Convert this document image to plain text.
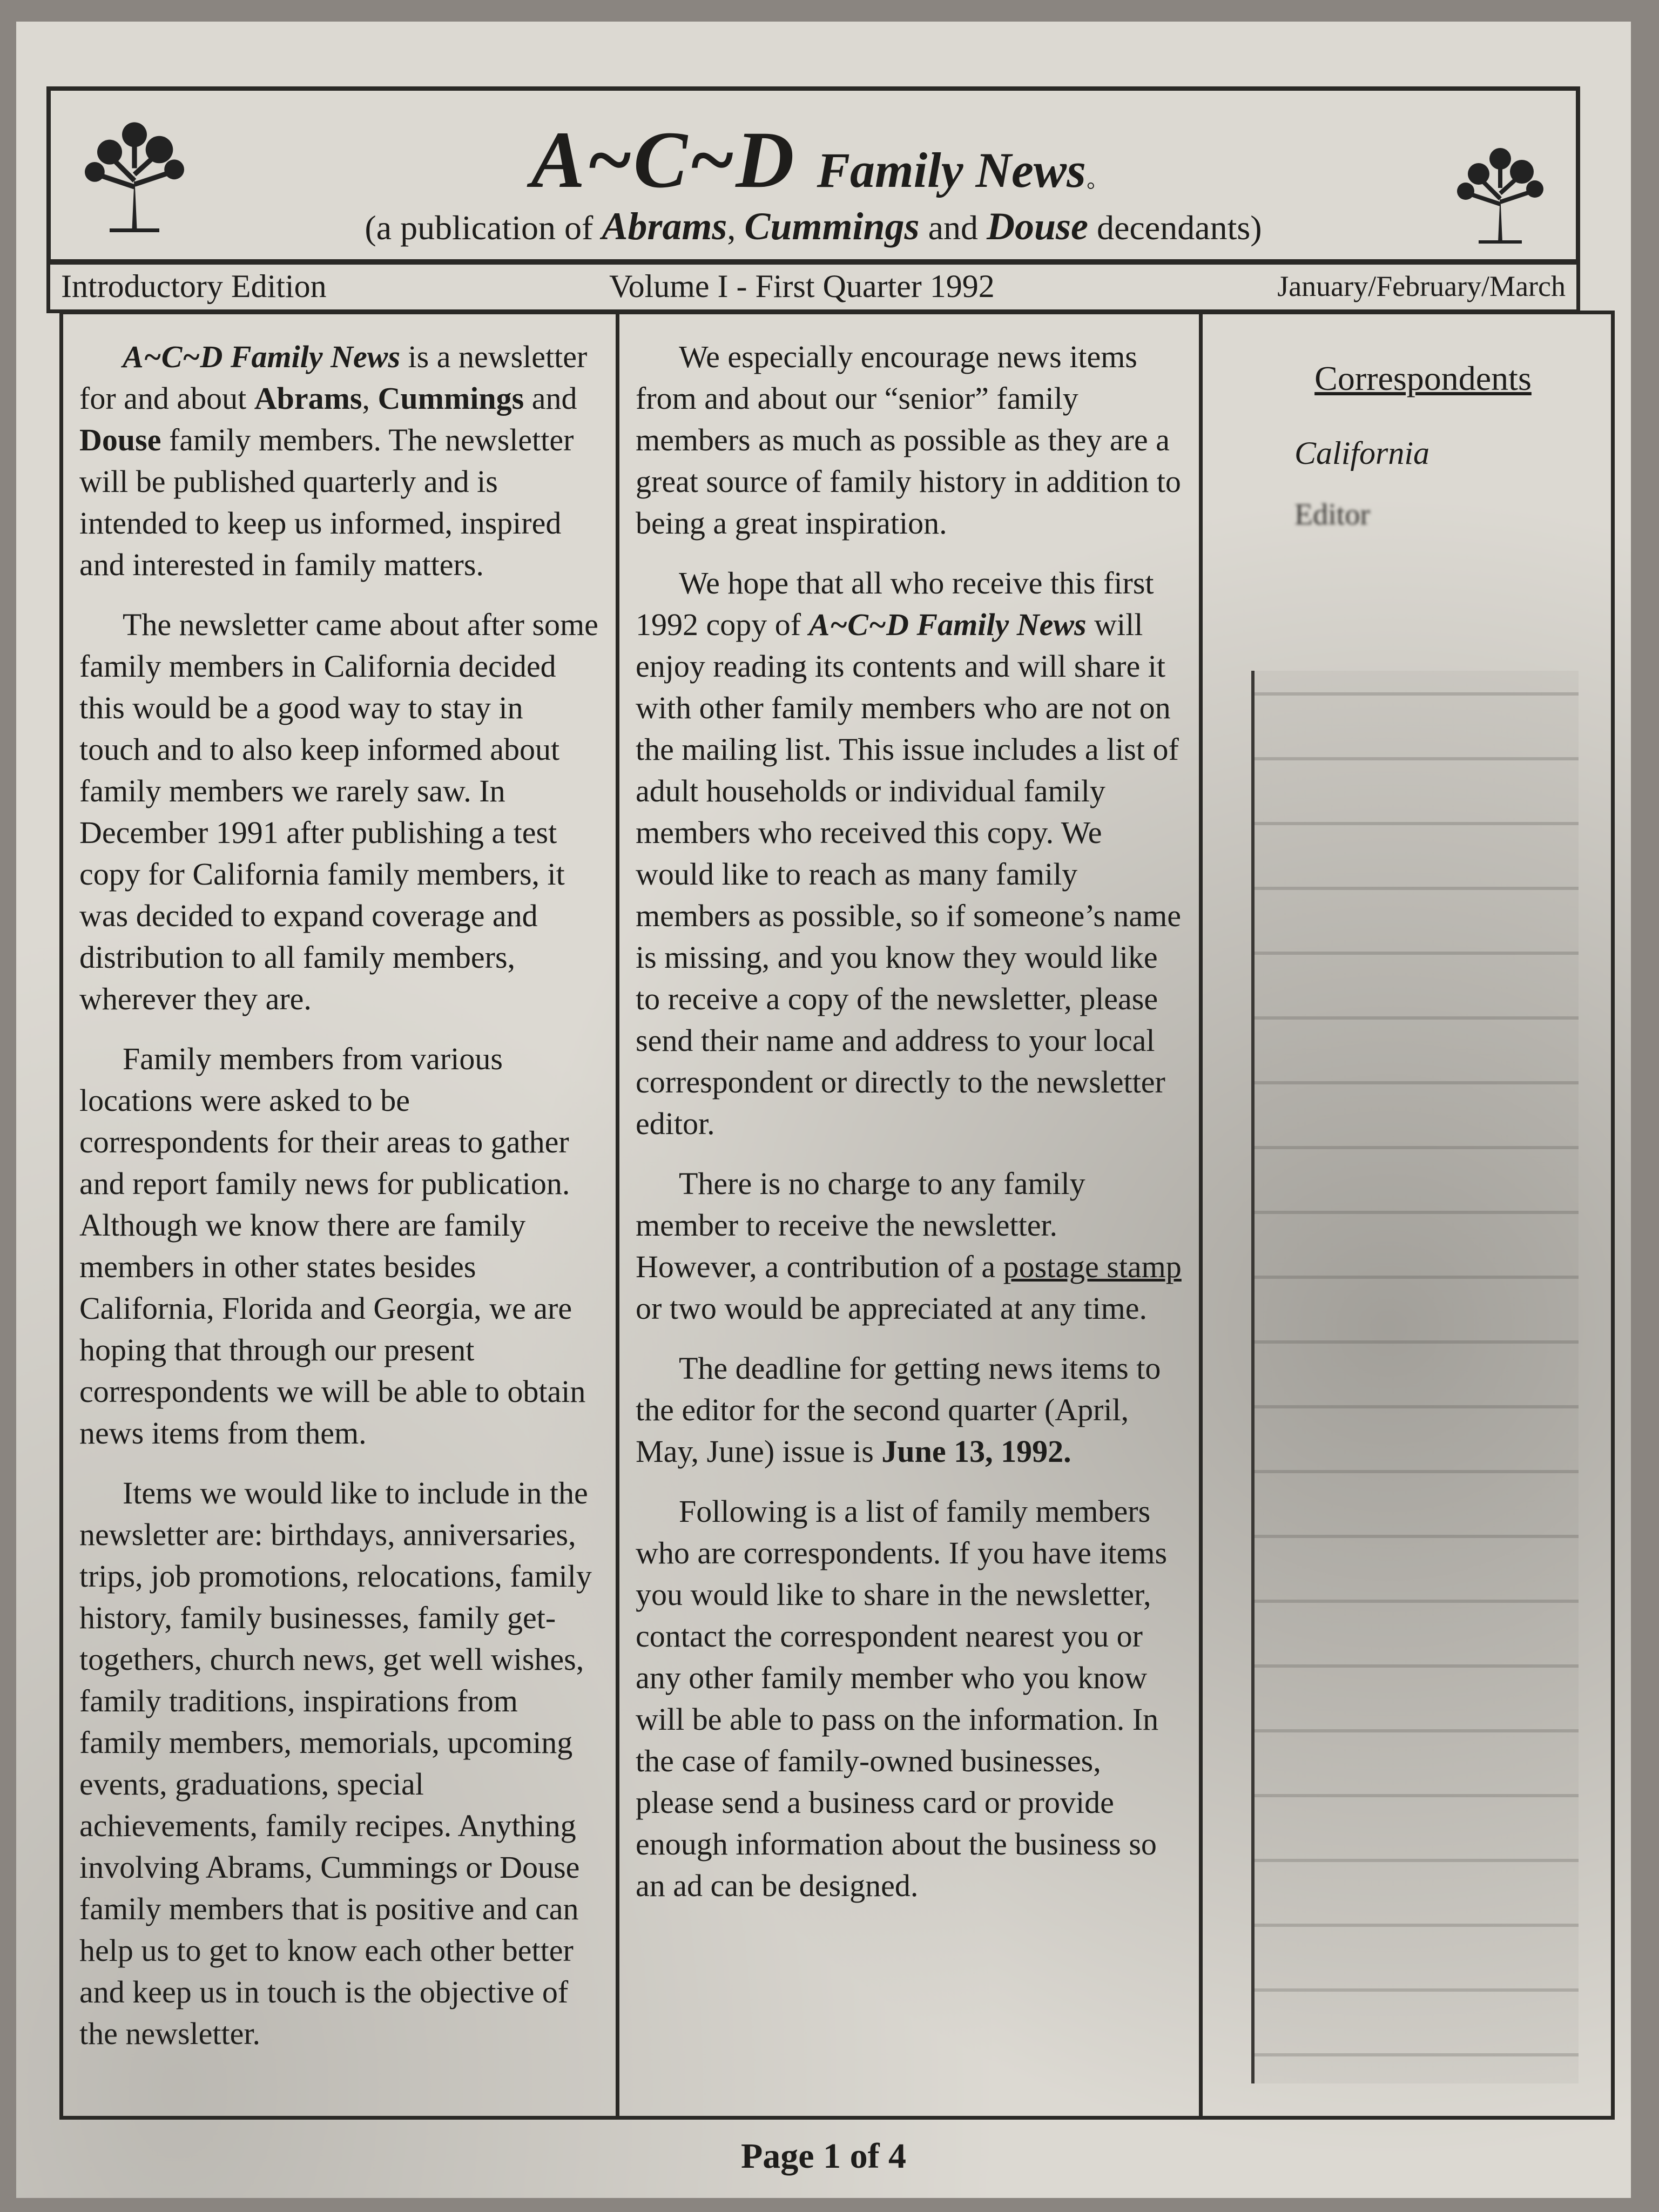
A~C~D Family News◦
(a publication of Abrams, Cummings and Douse decendants)
Introductory Edition	Volume I - First Quarter 1992	January/February/March

A~C~D Family News is a newsletter for and about Abrams, Cummings and Douse family members. The newsletter will be published quarterly and is intended to keep us informed, inspired and interested in family matters.

The newsletter came about after some family members in California decided this would be a good way to stay in touch and to also keep informed about family members we rarely saw. In December 1991 after publishing a test copy for California family members, it was decided to expand coverage and distribution to all family members, wherever they are.

Family members from various locations were asked to be correspondents for their areas to gather and report family news for publication. Although we know there are family members in other states besides California, Florida and Georgia, we are hoping that through our present correspondents we will be able to obtain news items from them.

Items we would like to include in the newsletter are: birthdays, anniversaries, trips, job promotions, relocations, family history, family businesses, family get-togethers, church news, get well wishes, family traditions, inspirations from family members, memorials, upcoming events, graduations, special achievements, family recipes. Anything involving Abrams, Cummings or Douse family members that is positive and can help us to get to know each other better and keep us in touch is the objective of the newsletter.

We especially encourage news items from and about our “senior” family members as much as possible as they are a great source of family history in addition to being a great inspiration.

We hope that all who receive this first 1992 copy of A~C~D Family News will enjoy reading its contents and will share it with other family members who are not on the mailing list. This issue includes a list of adult households or individual family members who received this copy. We would like to reach as many family members as possible, so if someone’s name is missing, and you know they would like to receive a copy of the newsletter, please send their name and address to your local correspondent or directly to the newsletter editor.

There is no charge to any family member to receive the newsletter. However, a contribution of a postage stamp or two would be appreciated at any time.

The deadline for getting news items to the editor for the second quarter (April, May, June) issue is June 13, 1992.

Following is a list of family members who are correspondents. If you have items you would like to share in the newsletter, contact the correspondent nearest you or any other family member who you know will be able to pass on the information. In the case of family-owned businesses, please send a business card or provide enough information about the business so an ad can be designed.

Correspondents

California

Editor

Page 1 of 4
